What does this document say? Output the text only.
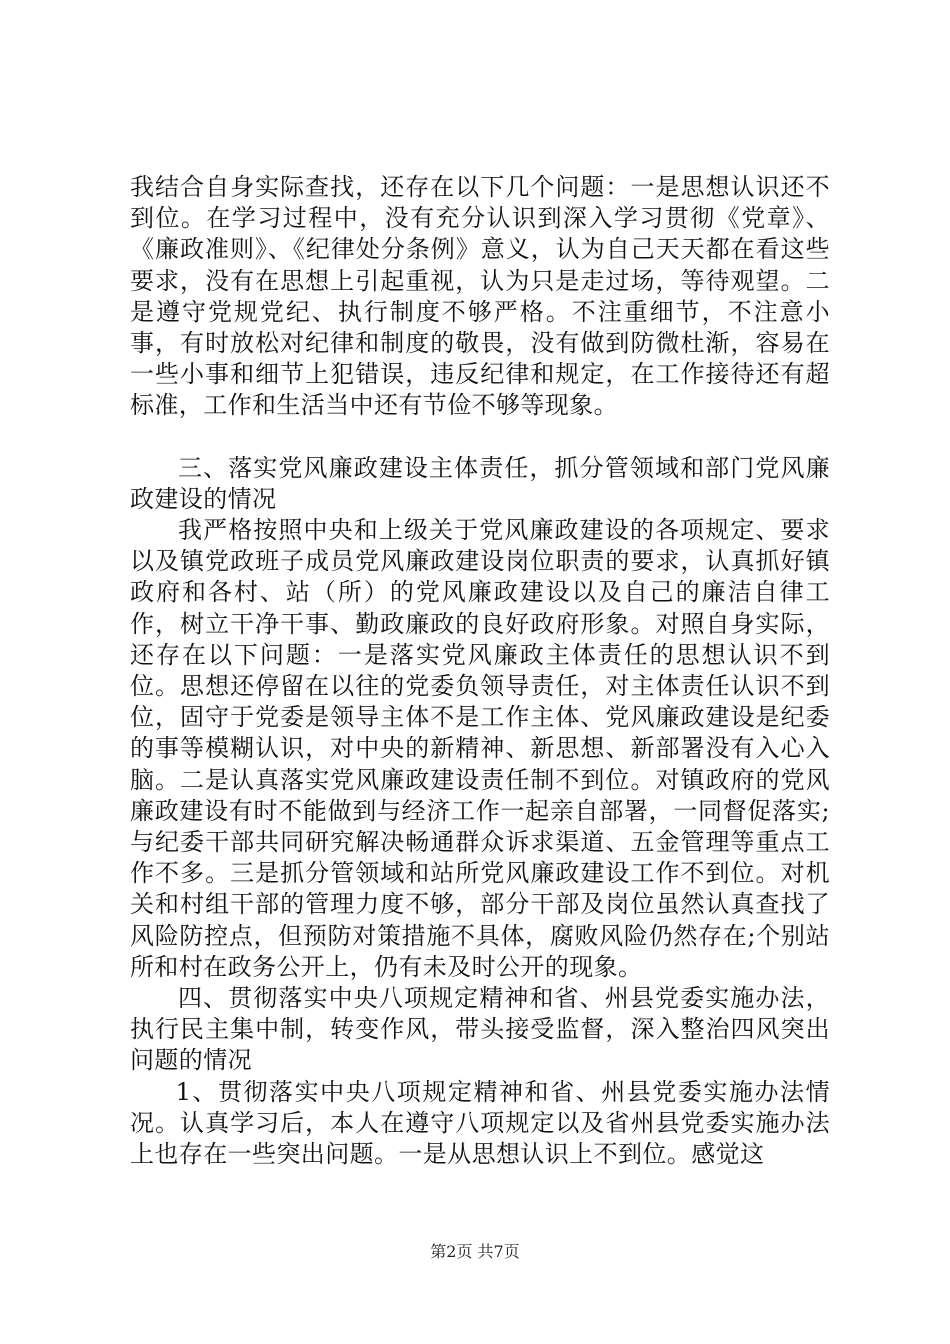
我结合自身实际查找，还存在以下几个问题：一是思想认识还不到位。在学习过程中，没有充分认识到深入学习贯彻《党章》、《廉政准则》、《纪律处分条例》意义，认为自己天天都在看这些要求，没有在思想上引起重视，认为只是走过场，等待观望。二是遵守党规党纪、执行制度不够严格。不注重细节，不注意小事，有时放松对纪律和制度的敬畏，没有做到防微杜渐，容易在一些小事和细节上犯错误，违反纪律和规定，在工作接待还有超标准，工作和生活当中还有节俭不够等现象。

三、落实党风廉政建设主体责任，抓分管领域和部门党风廉政建设的情况

我严格按照中央和上级关于党风廉政建设的各项规定、要求以及镇党政班子成员党风廉政建设岗位职责的要求，认真抓好镇政府和各村、站（所）的党风廉政建设以及自己的廉洁自律工作，树立干净干事、勤政廉政的良好政府形象。对照自身实际，还存在以下问题：一是落实党风廉政主体责任的思想认识不到位。思想还停留在以往的党委负领导责任，对主体责任认识不到位，固守于党委是领导主体不是工作主体、党风廉政建设是纪委的事等模糊认识，对中央的新精神、新思想、新部署没有入心入脑。二是认真落实党风廉政建设责任制不到位。对镇政府的党风廉政建设有时不能做到与经济工作一起亲自部署，一同督促落实;与纪委干部共同研究解决畅通群众诉求渠道、五金管理等重点工作不多。三是抓分管领域和站所党风廉政建设工作不到位。对机关和村组干部的管理力度不够，部分干部及岗位虽然认真查找了风险防控点，但预防对策措施不具体，腐败风险仍然存在;个别站所和村在政务公开上，仍有未及时公开的现象。

四、贯彻落实中央八项规定精神和省、州县党委实施办法，执行民主集中制，转变作风，带头接受监督，深入整治四风突出问题的情况

1、贯彻落实中央八项规定精神和省、州县党委实施办法情况。认真学习后，本人在遵守八项规定以及省州县党委实施办法上也存在一些突出问题。一是从思想认识上不到位。感觉这

第2页 共7页
